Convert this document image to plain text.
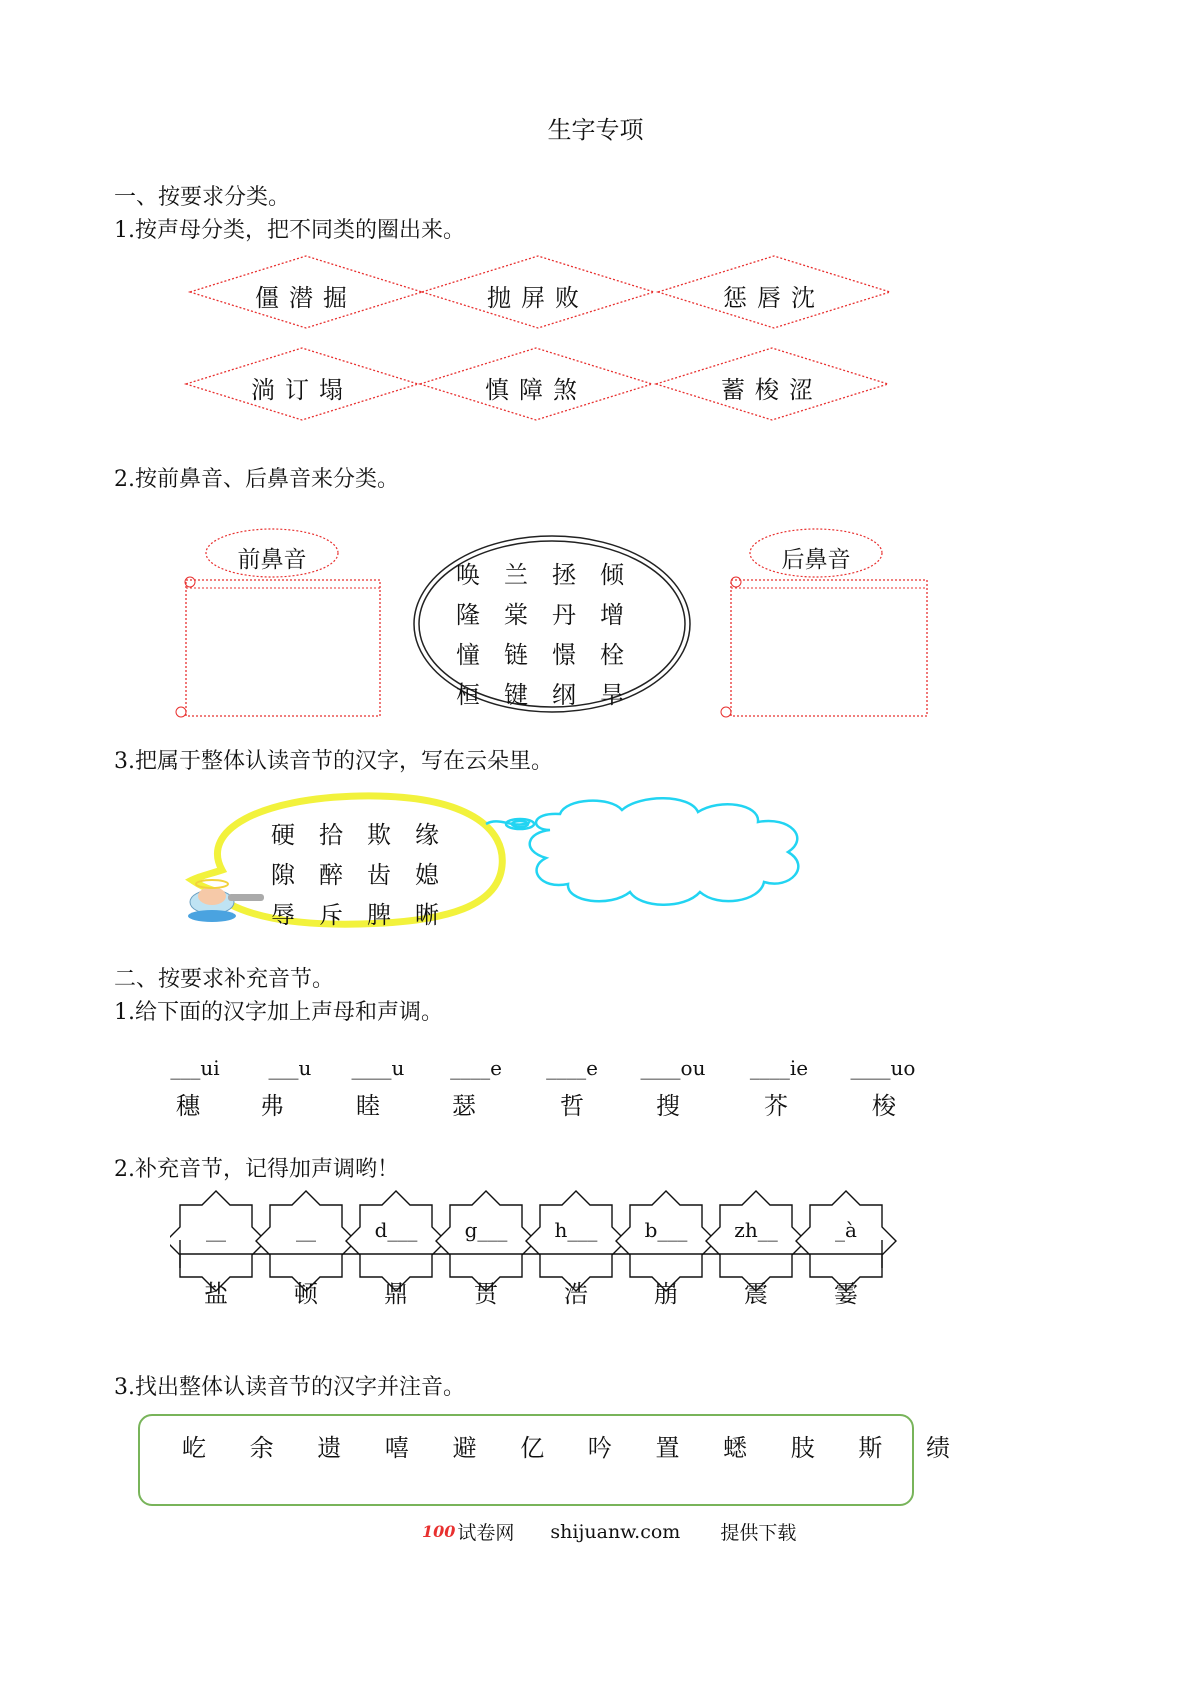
生字专项
一、按要求分类。
1.按声母分类，把不同类的圈出来。
僵潜掘	抛屏败	惩唇沈
淌订塌	慎障煞	蓄梭涩
2.按前鼻音、后鼻音来分类。
前鼻音	后鼻音
唤	兰	拯	倾
隆	棠	丹	增
憧	链	憬	栓
桓	键	纲	旱
3.把属于整体认读音节的汉字，写在云朵里。
硬	拾	欺	缘
隙	醉	齿	媳
辱	斥	脾	晰
二、按要求补充音节。
1.给下面的汉字加上声母和声调。
___ui	___u	____u	____e	____e	____ou	____ie	____uo
穗	弗	睦	瑟	哲	搜	芥	梭
2.补充音节，记得加声调哟！
__	__	d___	g___	h___	b___	zh__	_à
盐	顿	鼎	贯	浩	崩	震	霎
3.找出整体认读音节的汉字并注音。
屹 余 遗 嘻 避 亿 吟 置 蟋 肢 斯 绩
100 试卷网 shijuanw.com 提供下载
